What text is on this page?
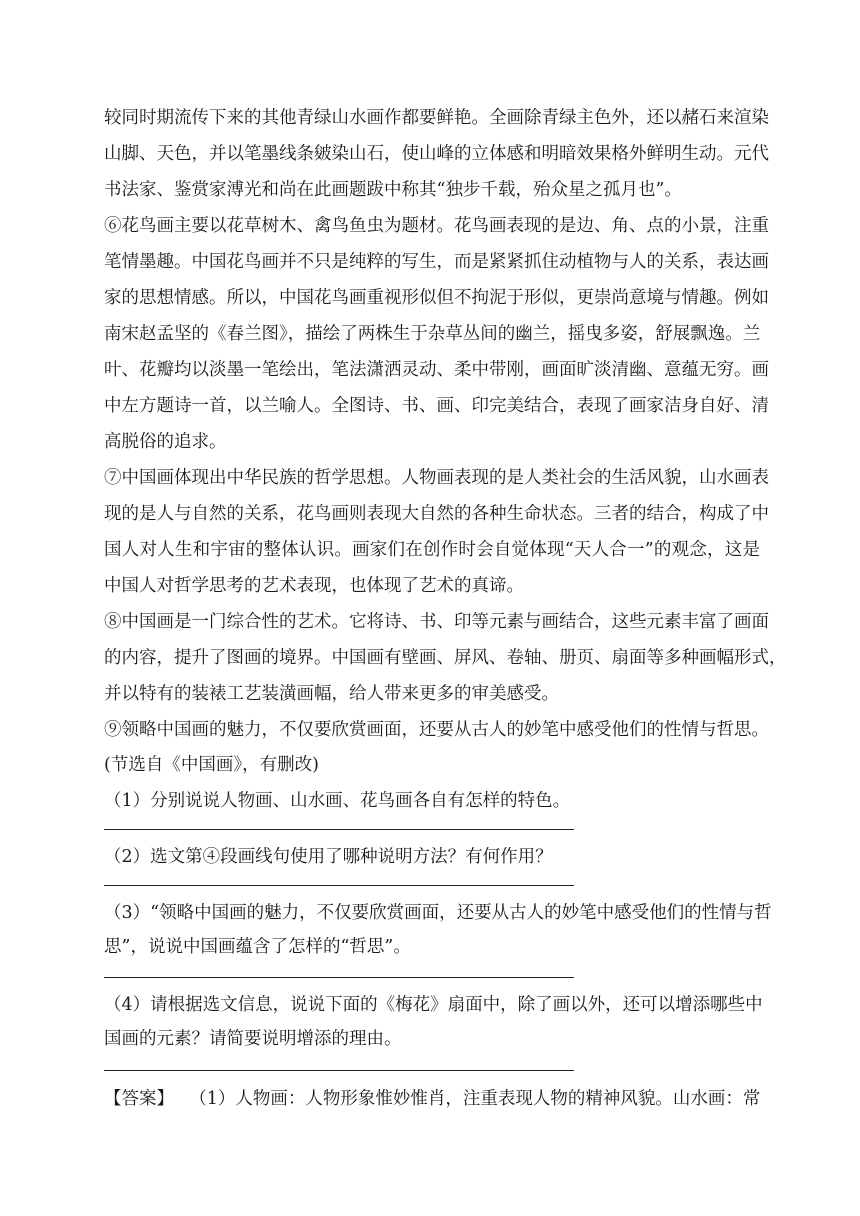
较同时期流传下来的其他青绿山水画作都要鲜艳。全画除青绿主色外，还以赭石来渲染
山脚、天色，并以笔墨线条皴染山石，使山峰的立体感和明暗效果格外鲜明生动。元代
书法家、鉴赏家溥光和尚在此画题跋中称其“独步千载，殆众星之孤月也”。
⑥花鸟画主要以花草树木、禽鸟鱼虫为题材。花鸟画表现的是边、角、点的小景，注重
笔情墨趣。中国花鸟画并不只是纯粹的写生，而是紧紧抓住动植物与人的关系，表达画
家的思想情感。所以，中国花鸟画重视形似但不拘泥于形似，更崇尚意境与情趣。例如
南宋赵孟坚的《春兰图》，描绘了两株生于杂草丛间的幽兰，摇曳多姿，舒展飘逸。兰
叶、花瓣均以淡墨一笔绘出，笔法潇洒灵动、柔中带刚，画面旷淡清幽、意蕴无穷。画
中左方题诗一首，以兰喻人。全图诗、书、画、印完美结合，表现了画家洁身自好、清
高脱俗的追求。
⑦中国画体现出中华民族的哲学思想。人物画表现的是人类社会的生活风貌，山水画表
现的是人与自然的关系，花鸟画则表现大自然的各种生命状态。三者的结合，构成了中
国人对人生和宇宙的整体认识。画家们在创作时会自觉体现“天人合一”的观念，这是
中国人对哲学思考的艺术表现，也体现了艺术的真谛。
⑧中国画是一门综合性的艺术。它将诗、书、印等元素与画结合，这些元素丰富了画面
的内容，提升了图画的境界。中国画有壁画、屏风、卷轴、册页、扇面等多种画幅形式，
并以特有的装裱工艺装潢画幅，给人带来更多的审美感受。
⑨领略中国画的魅力，不仅要欣赏画面，还要从古人的妙笔中感受他们的性情与哲思。
(节选自《中国画》，有删改)
（1）分别说说人物画、山水画、花鸟画各自有怎样的特色。
（2）选文第④段画线句使用了哪种说明方法？有何作用？
（3）“领略中国画的魅力，不仅要欣赏画面，还要从古人的妙笔中感受他们的性情与哲
思”，说说中国画蕴含了怎样的“哲思”。
（4）请根据选文信息，说说下面的《梅花》扇面中，除了画以外，还可以增添哪些中
国画的元素？请简要说明增添的理由。
【答案】 （1）人物画：人物形象惟妙惟肖，注重表现人物的精神风貌。山水画：常
